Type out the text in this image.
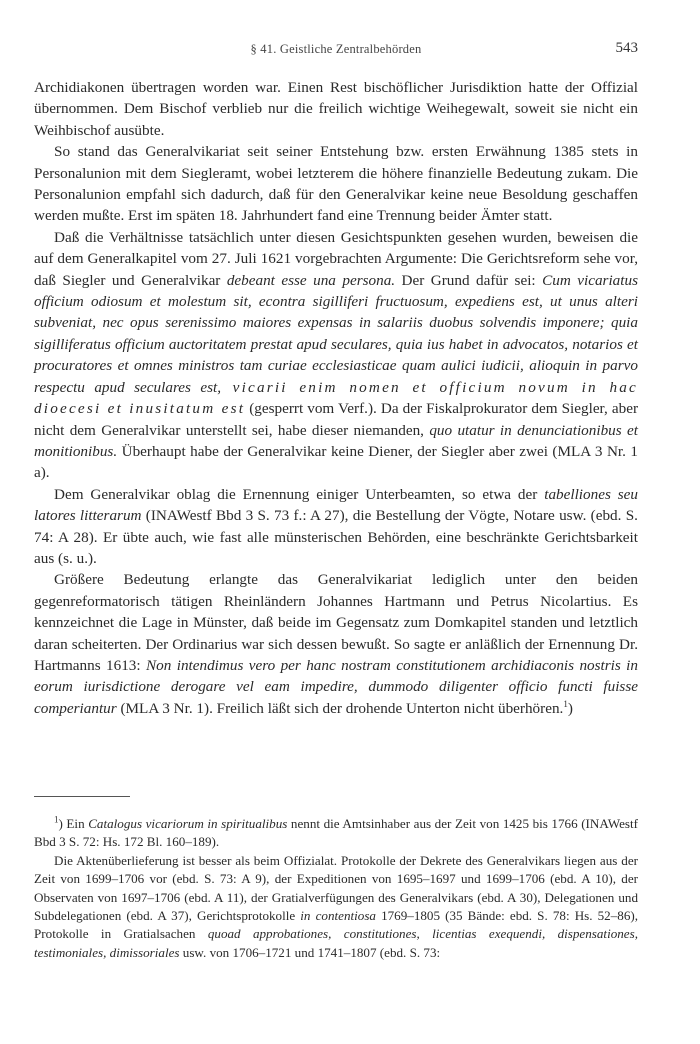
§ 41. Geistliche Zentralbehörden	543

Archidiakonen übertragen worden war. Einen Rest bischöflicher Jurisdiktion hatte der Offizial übernommen. Dem Bischof verblieb nur die freilich wichtige Weihegewalt, soweit sie nicht ein Weihbischof ausübte.

So stand das Generalvikariat seit seiner Entstehung bzw. ersten Erwähnung 1385 stets in Personalunion mit dem Siegleramt, wobei letzterem die höhere finanzielle Bedeutung zukam. Die Personalunion empfahl sich dadurch, daß für den Generalvikar keine neue Besoldung geschaffen werden mußte. Erst im späten 18. Jahrhundert fand eine Trennung beider Ämter statt.

Daß die Verhältnisse tatsächlich unter diesen Gesichtspunkten gesehen wurden, beweisen die auf dem Generalkapitel vom 27. Juli 1621 vorgebrachten Argumente: Die Gerichtsreform sehe vor, daß Siegler und Generalvikar debeant esse una persona. Der Grund dafür sei: Cum vicariatus officium odiosum et molestum sit, econtra sigilliferi fructuosum, expediens est, ut unus alteri subveniat, nec opus serenissimo maiores expensas in salariis duobus solvendis imponere; quia sigilliferatus officium auctoritatem prestat apud seculares, quia ius habet in advocatos, notarios et procuratores et omnes ministros tam curiae ecclesiasticae quam aulici iudicii, alioquin in parvo respectu apud seculares est, vicarii enim nomen et officium novum in hac dioecesi et inusitatum est (gesperrt vom Verf.). Da der Fiskalprokurator dem Siegler, aber nicht dem Generalvikar unterstellt sei, habe dieser niemanden, quo utatur in denunciationibus et monitionibus. Überhaupt habe der Generalvikar keine Diener, der Siegler aber zwei (MLA 3 Nr. 1 a).

Dem Generalvikar oblag die Ernennung einiger Unterbeamten, so etwa der tabelliones seu latores litterarum (INAWestf Bbd 3 S. 73 f.: A 27), die Bestellung der Vögte, Notare usw. (ebd. S. 74: A 28). Er übte auch, wie fast alle münsterischen Behörden, eine beschränkte Gerichtsbarkeit aus (s. u.).

Größere Bedeutung erlangte das Generalvikariat lediglich unter den beiden gegenreformatorisch tätigen Rheinländern Johannes Hartmann und Petrus Nicolartius. Es kennzeichnet die Lage in Münster, daß beide im Gegensatz zum Domkapitel standen und letztlich daran scheiterten. Der Ordinarius war sich dessen bewußt. So sagte er anläßlich der Ernennung Dr. Hartmanns 1613: Non intendimus vero per hanc nostram constitutionem archidiaconis nostris in eorum iurisdictione derogare vel eam impedire, dummodo diligenter officio functi fuisse comperiantur (MLA 3 Nr. 1). Freilich läßt sich der drohende Unterton nicht überhören.$^1$)

$^1$) Ein Catalogus vicariorum in spiritualibus nennt die Amtsinhaber aus der Zeit von 1425 bis 1766 (INAWestf Bbd 3 S. 72: Hs. 172 Bl. 160–189).

Die Aktenüberlieferung ist besser als beim Offizialat. Protokolle der Dekrete des Generalvikars liegen aus der Zeit von 1699–1706 vor (ebd. S. 73: A 9), der Expeditionen von 1695–1697 und 1699–1706 (ebd. A 10), der Observaten von 1697–1706 (ebd. A 11), der Gratialverfügungen des Generalvikars (ebd. A 30), Delegationen und Subdelegationen (ebd. A 37), Gerichtsprotokolle in contentiosa 1769–1805 (35 Bände: ebd. S. 78: Hs. 52–86), Protokolle in Gratialsachen quoad approbationes, constitutiones, licentias exequendi, dispensationes, testimoniales, dimissoriales usw. von 1706–1721 und 1741–1807 (ebd. S. 73:
